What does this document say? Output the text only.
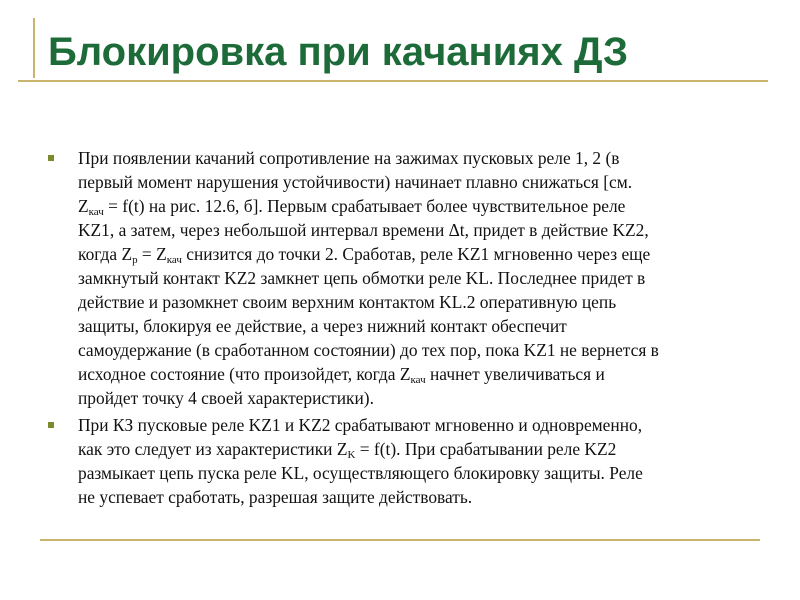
Блокировка при качаниях ДЗ
При появлении качаний сопротивление на зажимах пусковых реле 1, 2 (в
первый момент нарушения устойчивости) начинает плавно снижаться [см.
$Z_{кач} = f(t)$ на рис. 12.6, б]. Первым срабатывает более чувствительное реле
KZ1, а затем, через небольшой интервал времени Δt, придет в действие KZ2,
когда $Z_p = Z_{кач}$ снизится до точки 2. Сработав, реле KZ1 мгновенно через еще
замкнутый контакт KZ2 замкнет цепь обмотки реле KL. Последнее придет в
действие и разомкнет своим верхним контактом KL.2 оперативную цепь
защиты, блокируя ее действие, а через нижний контакт обеспечит
самоудержание (в сработанном состоянии) до тех пор, пока KZ1 не вернется в
исходное состояние (что произойдет, когда $Z_{кач}$ начнет увеличиваться и
пройдет точку 4 своей характеристики).
При КЗ пусковые реле KZ1 и KZ2 срабатывают мгновенно и одновременно,
как это следует из характеристики $Z_K = f(t)$. При срабатывании реле KZ2
размыкает цепь пуска реле KL, осуществляющего блокировку защиты. Реле
не успевает сработать, разрешая защите действовать.
